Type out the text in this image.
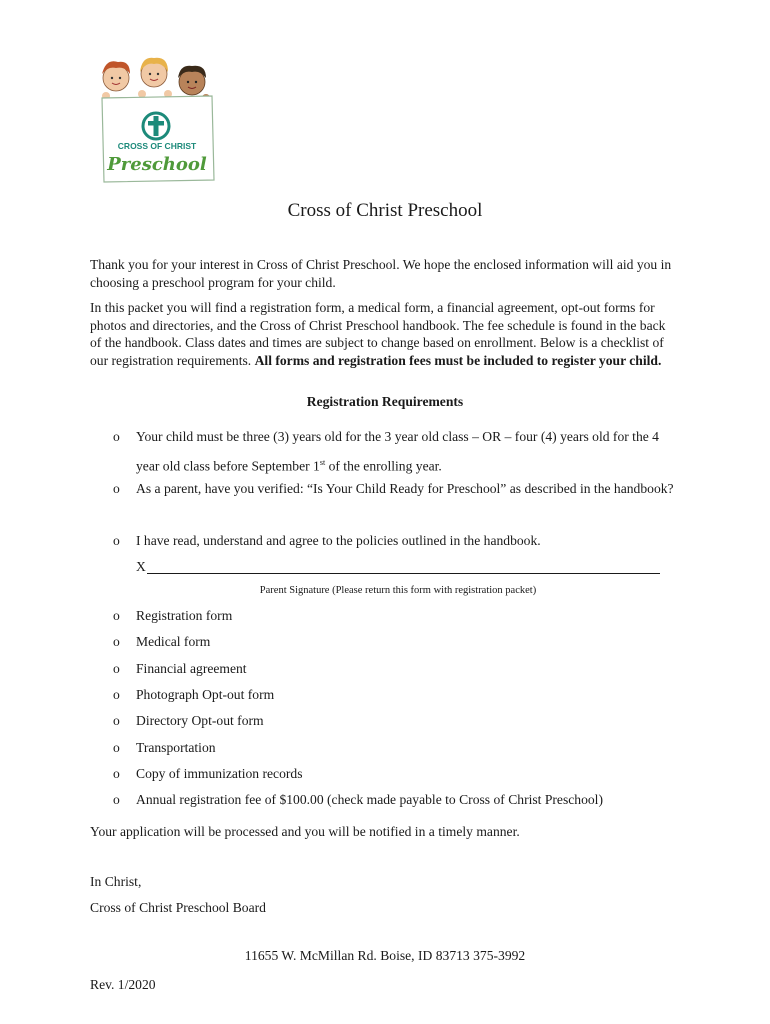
CROSS OF CHRIST
Preschool
Cross of Christ Preschool

Thank you for your interest in Cross of Christ Preschool. We hope the enclosed information will aid you in choosing a preschool program for your child.

In this packet you will find a registration form, a medical form, a financial agreement, opt-out forms for photos and directories, and the Cross of Christ Preschool handbook. The fee schedule is found in the back of the handbook. Class dates and times are subject to change based on enrollment. Below is a checklist of our registration requirements. All forms and registration fees must be included to register your child.

Registration Requirements
o	Your child must be three (3) years old for the 3 year old class – OR – four (4) years old for the 4 year old class before September 1st of the enrolling year.
o	As a parent, have you verified: “Is Your Child Ready for Preschool” as described in the handbook?
o	I have read, understand and agree to the policies outlined in the handbook.
X
Parent Signature (Please return this form with registration packet)
o	Registration form
o	Medical form
o	Financial agreement
o	Photograph Opt-out form
o	Directory Opt-out form
o	Transportation
o	Copy of immunization records
o	Annual registration fee of $100.00 (check made payable to Cross of Christ Preschool)
Your application will be processed and you will be notified in a timely manner.
In Christ,
Cross of Christ Preschool Board
11655 W. McMillan Rd. Boise, ID 83713 375-3992
Rev. 1/2020
